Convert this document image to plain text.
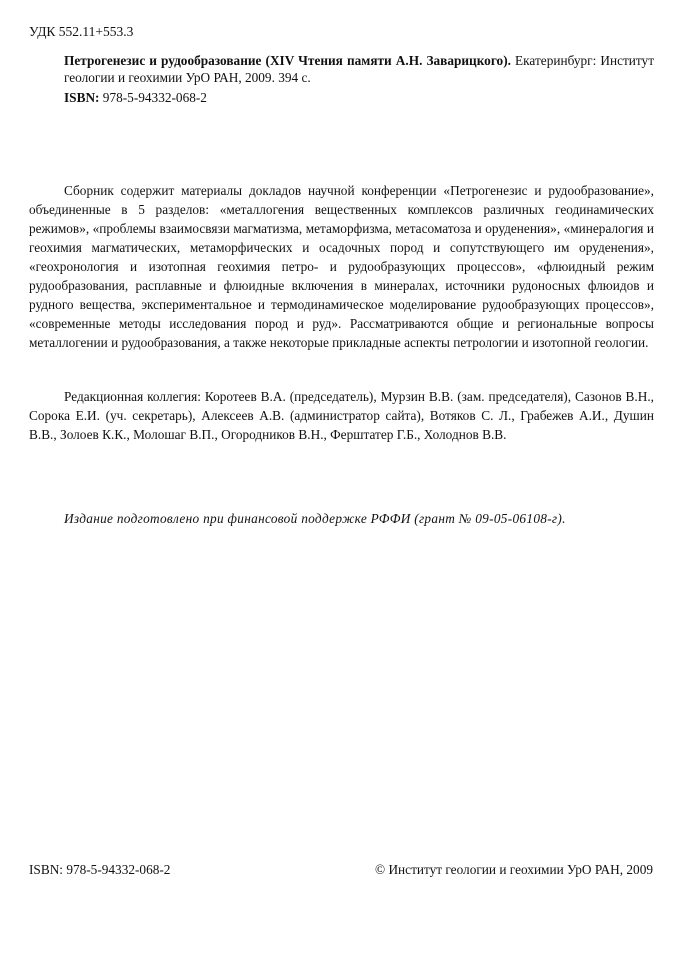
УДК 552.11+553.3
Петрогенезис и рудообразование (XIV Чтения памяти А.Н. Заварицкого). Екатеринбург: Институт геологии и геохимии УрО РАН, 2009. 394 с.
ISBN: 978-5-94332-068-2

Сборник содержит материалы докладов научной конференции «Петрогенезис и рудообразование», объединенные в 5 разделов: «металлогения вещественных комплексов различных геодинамических режимов», «проблемы взаимосвязи магматизма, метаморфизма, метасоматоза и оруденения», «минералогия и геохимия магматических, метаморфических и осадочных пород и сопутствующего им оруденения», «геохронология и изотопная геохимия петро- и рудообразующих процессов», «флюидный режим рудообразования, расплавные и флюидные включения в минералах, источники рудоносных флюидов и рудного вещества, экспериментальное и термодинамическое моделирование рудообразующих процессов», «современные методы исследования пород и руд». Рассматриваются общие и региональные вопросы металлогении и рудообразования, а также некоторые прикладные аспекты петрологии и изотопной геологии.

Редакционная коллегия: Коротеев В.А. (председатель), Мурзин В.В. (зам. председателя), Сазонов В.Н., Сорока Е.И. (уч. секретарь), Алексеев А.В. (администратор сайта), Вотяков С. Л., Грабежев А.И., Душин В.В., Золоев К.К., Молошаг В.П., Огородников В.Н., Ферштатер Г.Б., Холоднов В.В.

Издание подготовлено при финансовой поддержке РФФИ (грант № 09-05-06108-г).

ISBN: 978-5-94332-068-2	© Институт геологии и геохимии УрО РАН, 2009
